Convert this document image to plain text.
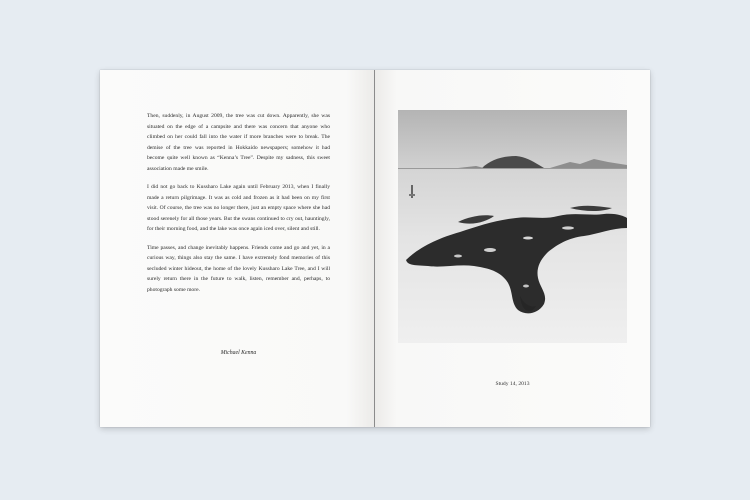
Then, suddenly, in August 2009, the tree was cut down. Apparently, she was situated on the edge of a campsite and there was concern that anyone who climbed on her could fall into the water if more branches were to break. The demise of the tree was reported in Hokkaido newspapers; somehow it had become quite well known as “Kenna’s Tree”. Despite my sadness, this sweet association made me smile.

I did not go back to Kussharo Lake again until February 2013, when I finally made a return pilgrimage. It was as cold and frozen as it had been on my first visit. Of course, the tree was no longer there, just an empty space where she had stood serenely for all those years. But the swans continued to cry out, hauntingly, for their morning food, and the lake was once again iced over, silent and still.

Time passes, and change inevitably happens. Friends come and go and yet, in a curious way, things also stay the same. I have extremely fond memories of this secluded winter hideout, the home of the lovely Kussharo Lake Tree, and I will surely return there in the future to walk, listen, remember and, perhaps, to photograph some more.

Michael Kenna
Study 14, 2013
